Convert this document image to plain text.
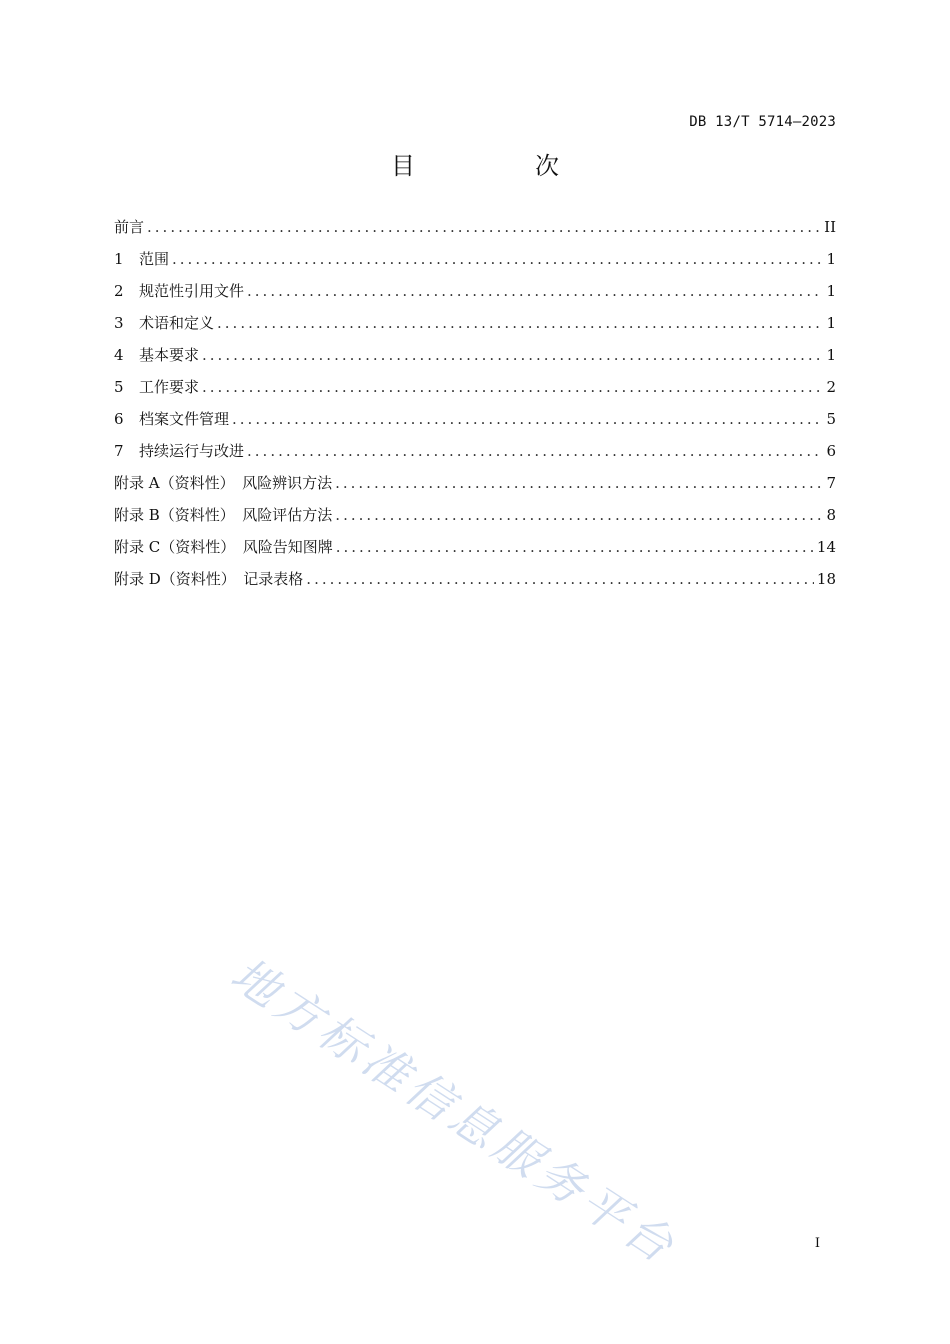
DB 13/T 5714—2023
目　次
前言 .....	II
1	范围 .....	1
2	规范性引用文件 .....	1
3	术语和定义 .....	1
4	基本要求 .....	1
5	工作要求 .....	2
6	档案文件管理 .....	5
7	持续运行与改进 .....	6
附录 A（资料性）　风险辨识方法 .....	7
附录 B（资料性）　风险评估方法 .....	8
附录 C（资料性）　风险告知图牌 .....	14
附录 D（资料性）　记录表格 .....	18
地方标准信息服务平台	I
